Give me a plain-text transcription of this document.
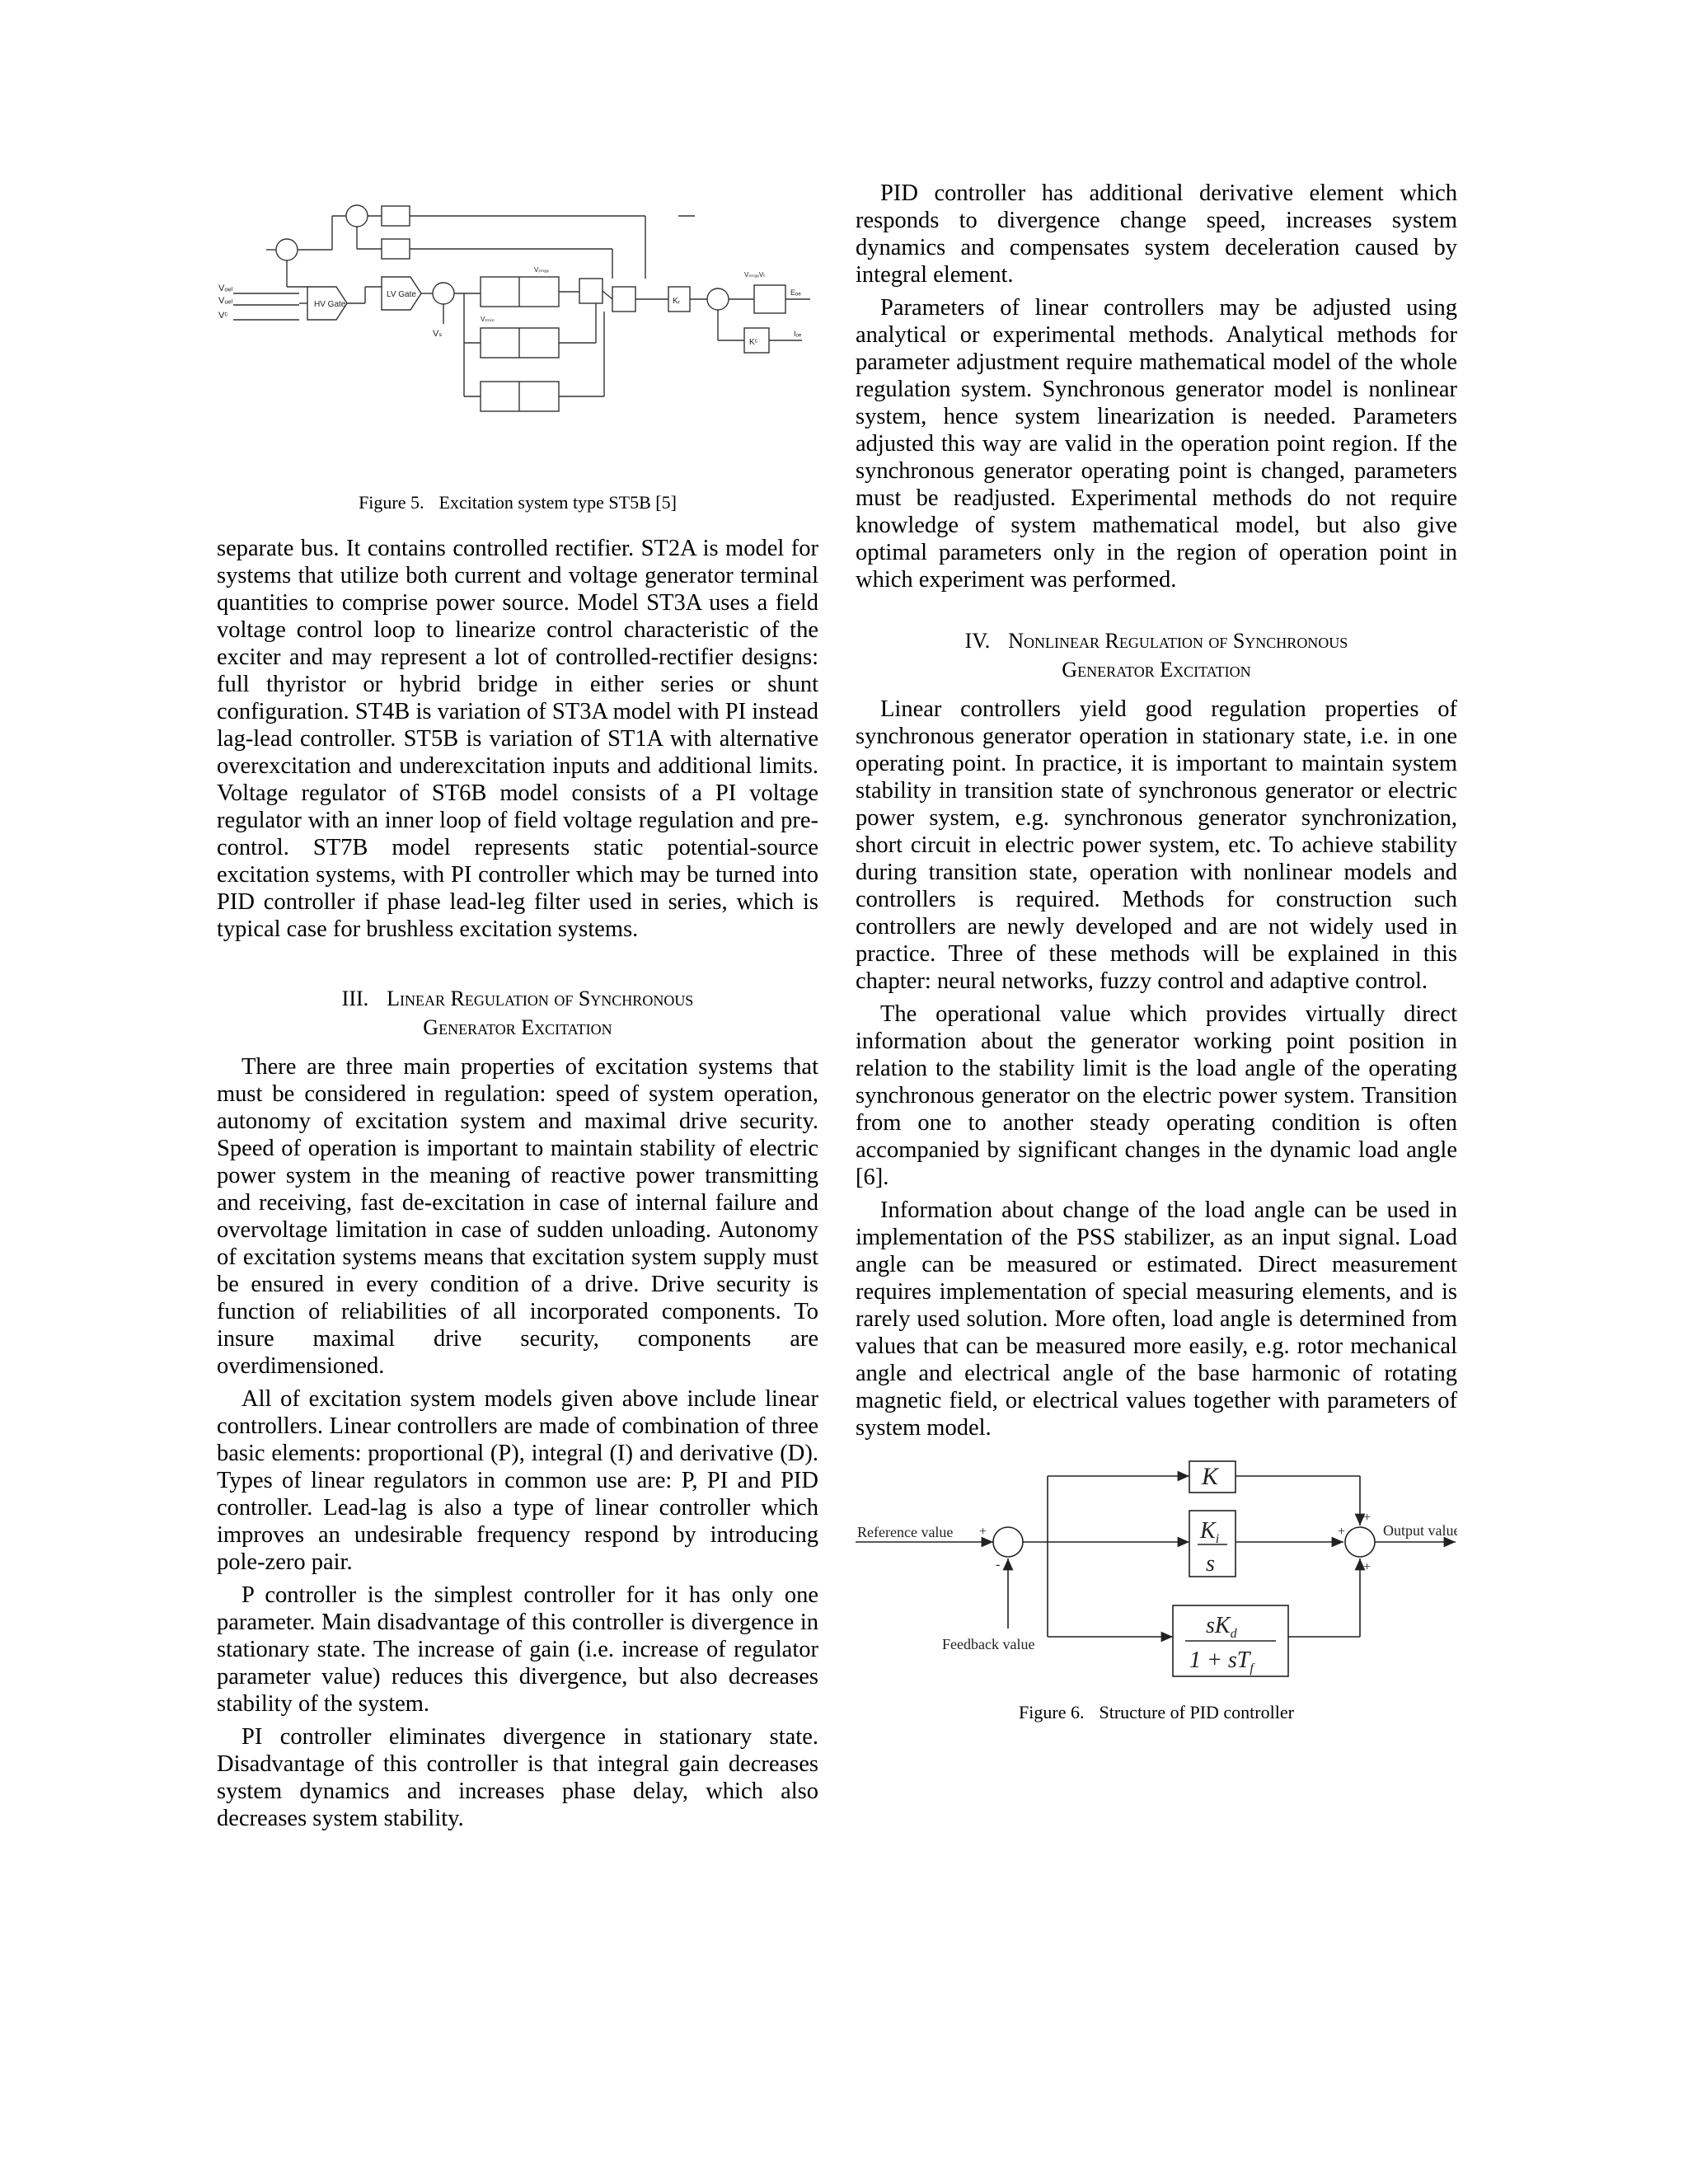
Vₒₑₗ
Vᵤₑₗ
Vᶜ
Vₛ
HV Gate
LV Gate
Vᵣₘₐₓ
Vᵣₘᵢₙ
Kᵣ
Kᶜ
Eₒₑ
Iₒₑ
VᵣₘₐₓVₜ
Figure 5. Excitation system type ST5B [5]

separate bus. It contains controlled rectifier. ST2A is model for systems that utilize both current and voltage generator terminal quantities to comprise power source. Model ST3A uses a field voltage control loop to linearize control characteristic of the exciter and may represent a lot of controlled-rectifier designs: full thyristor or hybrid bridge in either series or shunt configuration. ST4B is variation of ST3A model with PI instead lag-lead controller. ST5B is variation of ST1A with alternative overexcitation and underexcitation inputs and additional limits. Voltage regulator of ST6B model consists of a PI voltage regulator with an inner loop of field voltage regulation and pre-control. ST7B model represents static potential-source excitation systems, with PI controller which may be turned into PID controller if phase lead-leg filter used in series, which is typical case for brushless excitation systems.

III. Linear Regulation of Synchronous
Generator Excitation

There are three main properties of excitation systems that must be considered in regulation: speed of system operation, autonomy of excitation system and maximal drive security. Speed of operation is important to maintain stability of electric power system in the meaning of reactive power transmitting and receiving, fast de-excitation in case of internal failure and overvoltage limitation in case of sudden unloading. Autonomy of excitation systems means that excitation system supply must be ensured in every condition of a drive. Drive security is function of reliabilities of all incorporated components. To insure maximal drive security, components are overdimensioned.

All of excitation system models given above include linear controllers. Linear controllers are made of combination of three basic elements: proportional (P), integral (I) and derivative (D). Types of linear regulators in common use are: P, PI and PID controller. Lead-lag is also a type of linear controller which improves an undesirable frequency respond by introducing pole-zero pair.

P controller is the simplest controller for it has only one parameter. Main disadvantage of this controller is divergence in stationary state. The increase of gain (i.e. increase of regulator parameter value) reduces this divergence, but also decreases stability of the system.

PI controller eliminates divergence in stationary state. Disadvantage of this controller is that integral gain decreases system dynamics and increases phase delay, which also decreases system stability.

PID controller has additional derivative element which responds to divergence change speed, increases system dynamics and compensates system deceleration caused by integral element.

Parameters of linear controllers may be adjusted using analytical or experimental methods. Analytical methods for parameter adjustment require mathematical model of the whole regulation system. Synchronous generator model is nonlinear system, hence system linearization is needed. Parameters adjusted this way are valid in the operation point region. If the synchronous generator operating point is changed, parameters must be readjusted. Experimental methods do not require knowledge of system mathematical model, but also give optimal parameters only in the region of operation point in which experiment was performed.

IV. Nonlinear Regulation of Synchronous
Generator Excitation

Linear controllers yield good regulation properties of synchronous generator operation in stationary state, i.e. in one operating point. In practice, it is important to maintain system stability in transition state of synchronous generator or electric power system, e.g. synchronous generator synchronization, short circuit in electric power system, etc. To achieve stability during transition state, operation with nonlinear models and controllers is required. Methods for construction such controllers are newly developed and are not widely used in practice. Three of these methods will be explained in this chapter: neural networks, fuzzy control and adaptive control.

The operational value which provides virtually direct information about the generator working point position in relation to the stability limit is the load angle of the operating synchronous generator on the electric power system. Transition from one to another steady operating condition is often accompanied by significant changes in the dynamic load angle [6].

Information about change of the load angle can be used in implementation of the PSS stabilizer, as an input signal. Load angle can be measured or estimated. Direct measurement requires implementation of special measuring elements, and is rarely used solution. More often, load angle is determined from values that can be measured more easily, e.g. rotor mechanical angle and electrical angle of the base harmonic of rotating magnetic field, or electrical values together with parameters of system model.

Reference value +
-
Feedback value
K
$K_i$
s
$sK_d$
$1 + sT_f$
+
+
+
Output value
Figure 6. Structure of PID controller
